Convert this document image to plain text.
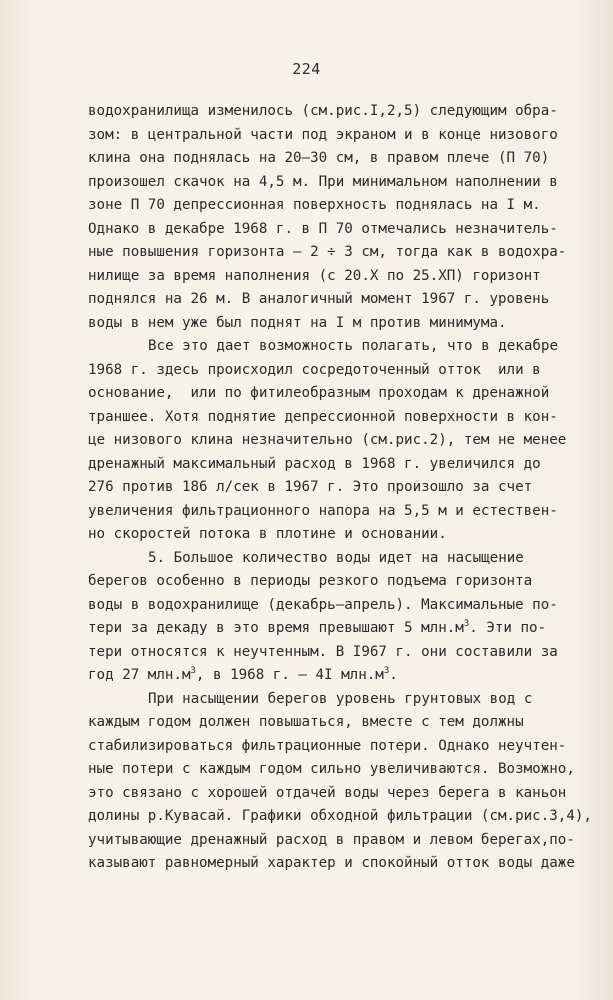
224
водохранилища изменилось (см.рис.I,2,5) следующим обра-
зом: в центральной части под экраном и в конце низового
клина она поднялась на 20–30 см, в правом плече (П 70)
произошел скачок на 4,5 м. При минимальном наполнении в
зоне П 70 депрессионная поверхность поднялась на I м.
Однако в декабре 1968 г. в П 70 отмечались незначитель-
ные повышения горизонта – 2 ÷ 3 см, тогда как в водохра-
нилище за время наполнения (с 20.X по 25.XП) горизонт
поднялся на 26 м. В аналогичный момент 1967 г. уровень
воды в нем уже был поднят на I м против минимума.
Все это дает возможность полагать, что в декабре
1968 г. здесь происходил сосредоточенный отток  или в
основание,  или по фитилеобразным проходам к дренажной
траншее. Хотя поднятие депрессионной поверхности в кон-
це низового клина незначительно (см.рис.2), тем не менее
дренажный максимальный расход в 1968 г. увеличился до
276 против 186 л/сек в 1967 г. Это произошло за счет
увеличения фильтрационного напора на 5,5 м и естествен-
но скоростей потока в плотине и основании.
5. Большое количество воды идет на насыщение
берегов особенно в периоды резкого подъема горизонта
воды в водохранилище (декабрь–апрель). Максимальные по-
тери за декаду в это время превышают 5 $млн.м^3$. Эти по-
тери относятся к неучтенным. В I967 г. они составили за
год 27 $млн.м^3$, в 1968 г. – 4I $млн.м^3$.
При насыщении берегов уровень грунтовых вод с
каждым годом должен повышаться, вместе с тем должны
стабилизироваться фильтрационные потери. Однако неучтен-
ные потери с каждым годом сильно увеличиваются. Возможно,
это связано с хорошей отдачей воды через берега в каньон
долины р.Кувасай. Графики обходной фильтрации (см.рис.3,4),
учитывающие дренажный расход в правом и левом берегах,по-
казывают равномерный характер и спокойный отток воды даже
